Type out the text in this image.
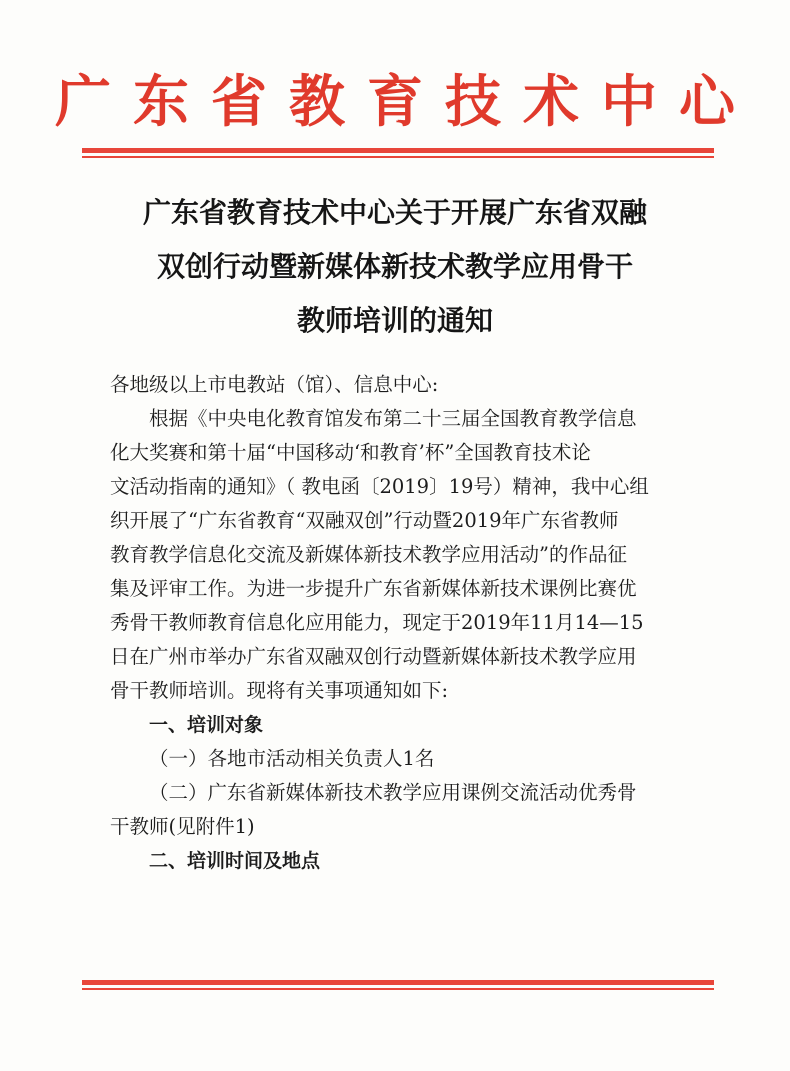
广东省教育技术中心
广东省教育技术中心关于开展广东省双融
双创行动暨新媒体新技术教学应用骨干
教师培训的通知
各地级以上市电教站（馆）、信息中心:
根据《中央电化教育馆发布第二十三届全国教育教学信息
化大奖赛和第十届“中国移动‘和教育’杯”全国教育技术论
文活动指南的通知》（ 教电函〔2019〕19号）精神，我中心组
织开展了“广东省教育“双融双创”行动暨2019年广东省教师
教育教学信息化交流及新媒体新技术教学应用活动”的作品征
集及评审工作。为进一步提升广东省新媒体新技术课例比赛优
秀骨干教师教育信息化应用能力，现定于2019年11月14—15
日在广州市举办广东省双融双创行动暨新媒体新技术教学应用
骨干教师培训。现将有关事项通知如下:
一、培训对象
（一）各地市活动相关负责人1名
（二）广东省新媒体新技术教学应用课例交流活动优秀骨
干教师(见附件1)
二、培训时间及地点
